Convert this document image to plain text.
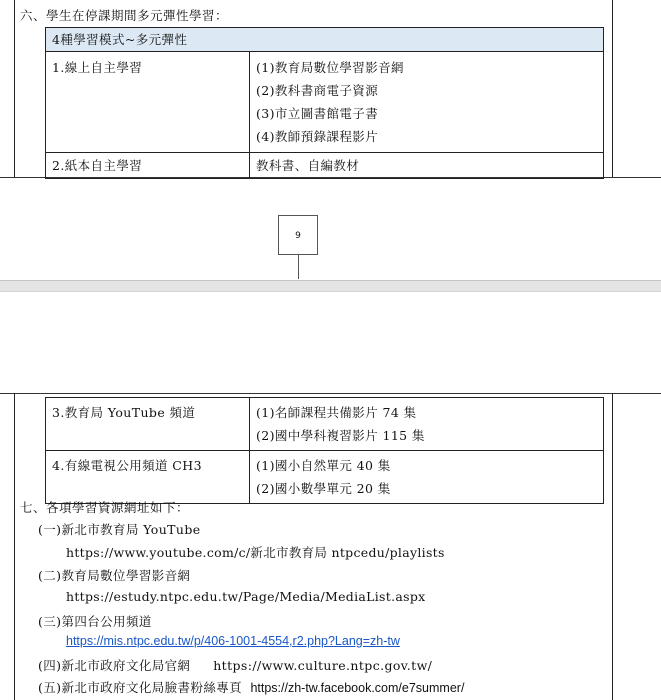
六、學生在停課期間多元彈性學習：
4種學習模式~多元彈性	

1.線上自主學習	(1)教育局數位學習影音網
(2)教科書商電子資源
(3)市立圖書館電子書
(4)教師預錄課程影片

2.紙本自主學習	教科書、自編教材
9
3.教育局 YouTube 頻道	(1)名師課程共備影片 74 集
(2)國中學科複習影片 115 集

4.有線電視公用頻道 CH3	(1)國小自然單元 40 集
(2)國小數學單元 20 集
七、各項學習資源網址如下：
(一)新北市教育局 YouTube
https://www.youtube.com/c/新北市教育局 ntpcedu/playlists
(二)教育局數位學習影音網
https://estudy.ntpc.edu.tw/Page/Media/MediaList.aspx
(三)第四台公用頻道
https://mis.ntpc.edu.tw/p/406-1001-4554,r2.php?Lang=zh-tw
(四)新北市政府文化局官網 https://www.culture.ntpc.gov.tw/
(五)新北市政府文化局臉書粉絲專頁 https://zh-tw.facebook.com/e7summer/
